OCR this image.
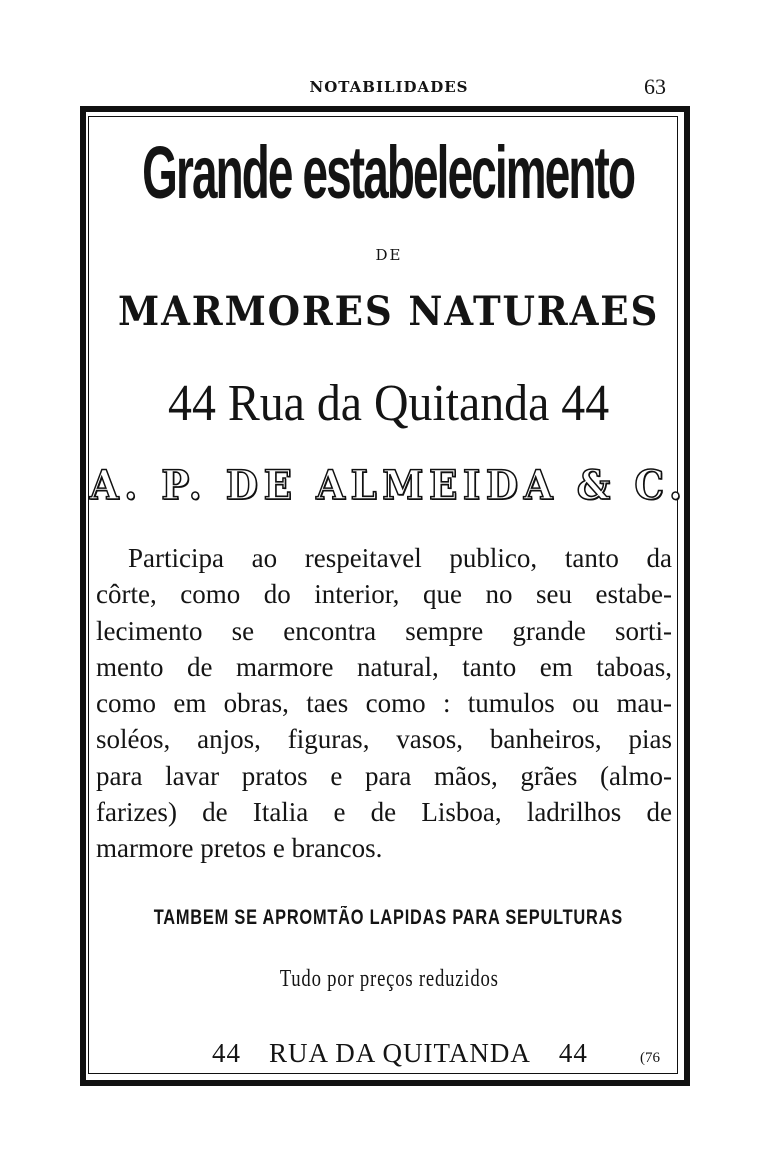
NOTABILIDADES	63
Grande estabelecimento
DE
MARMORES NATURAES
44 Rua da Quitanda 44
A. P. DE ALMEIDA & C.
Participa ao respeitavel publico, tanto da
côrte, como do interior, que no seu estabe-
lecimento se encontra sempre grande sorti-
mento de marmore natural, tanto em taboas,
como em obras, taes como : tumulos ou mau-
soléos, anjos, figuras, vasos, banheiros, pias
para lavar pratos e para mãos, grães (almo-
farizes) de Italia e de Lisboa, ladrilhos de
marmore pretos e brancos.
TAMBEM SE APROMTÃO LAPIDAS PARA SEPULTURAS
Tudo por preços reduzidos
44 RUA DA QUITANDA 44	(76
